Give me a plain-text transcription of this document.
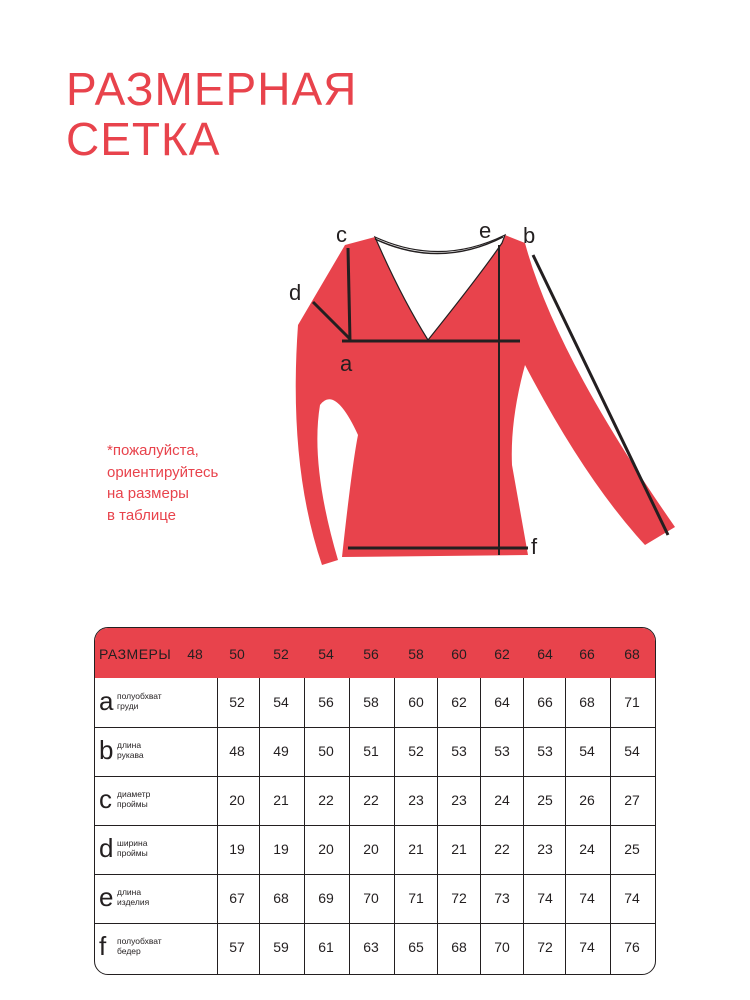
РАЗМЕРНАЯ
СЕТКА
c	e b
d
a
f
*пожалуйста,
ориентируйтесь
на размеры
в таблице
РАЗМЕРЫ	48	50	52	54	56	58	60	62	64	66	68
a полуобхват
груди	52	54	56	58	60	62	64	66	68	71
b длина
рукава	48	49	50	51	52	53	53	53	54	54
c диаметр
проймы	20	21	22	22	23	23	24	25	26	27
d ширина
проймы	19	19	20	20	21	21	22	23	24	25
e длина
изделия	67	68	69	70	71	72	73	74	74	74
f полуобхват
бедер	57	59	61	63	65	68	70	72	74	76
